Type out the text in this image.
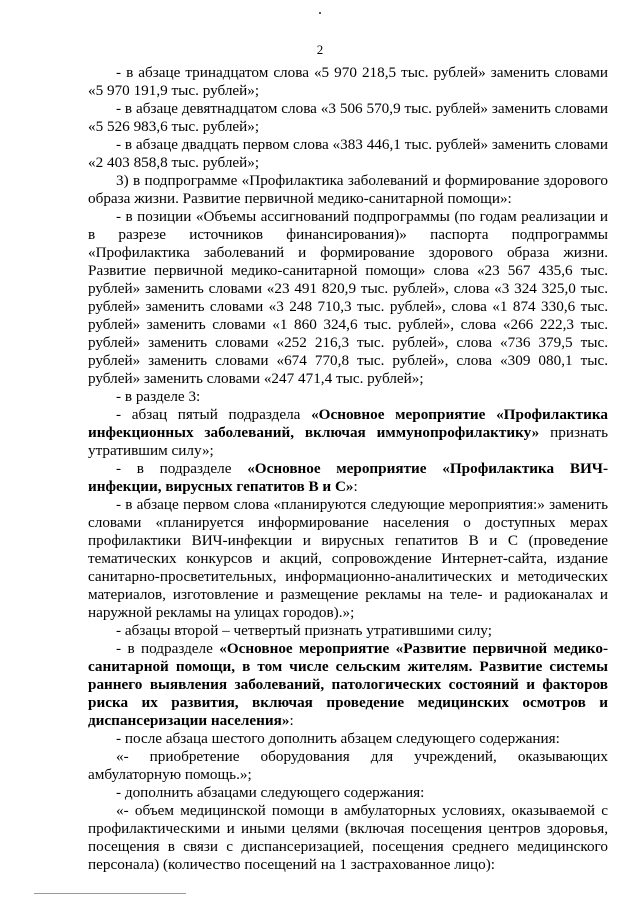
2

- в абзаце тринадцатом слова «5 970 218,5 тыс. рублей» заменить словами «5 970 191,9 тыс. рублей»;

- в абзаце девятнадцатом слова «3 506 570,9 тыс. рублей» заменить словами «5 526 983,6 тыс. рублей»;

- в абзаце двадцать первом слова «383 446,1 тыс. рублей» заменить словами «2 403 858,8 тыс. рублей»;

3) в подпрограмме «Профилактика заболеваний и формирование здорового образа жизни. Развитие первичной медико-санитарной помощи»:

- в позиции «Объемы ассигнований подпрограммы (по годам реализации и в разрезе источников финансирования)» паспорта подпрограммы «Профилактика заболеваний и формирование здорового образа жизни. Развитие первичной медико-санитарной помощи» слова «23 567 435,6 тыс. рублей» заменить словами «23 491 820,9 тыс. рублей», слова «3 324 325,0 тыс. рублей» заменить словами «3 248 710,3 тыс. рублей», слова «1 874 330,6 тыс. рублей» заменить словами «1 860 324,6 тыс. рублей», слова «266 222,3 тыс. рублей» заменить словами «252 216,3 тыс. рублей», слова «736 379,5 тыс. рублей» заменить словами «674 770,8 тыс. рублей», слова «309 080,1 тыс. рублей» заменить словами «247 471,4 тыс. рублей»;

- в разделе 3:

- абзац пятый подраздела «Основное мероприятие «Профилактика инфекционных заболеваний, включая иммунопрофилактику» признать утратившим силу»;

- в подразделе «Основное мероприятие «Профилактика ВИЧ-инфекции, вирусных гепатитов В и С»:

- в абзаце первом слова «планируются следующие мероприятия:» заменить словами «планируется информирование населения о доступных мерах профилактики ВИЧ-инфекции и вирусных гепатитов В и С (проведение тематических конкурсов и акций, сопровождение Интернет-сайта, издание санитарно-просветительных, информационно-аналитических и методических материалов, изготовление и размещение рекламы на теле- и радиоканалах и наружной рекламы на улицах городов).»;

- абзацы второй – четвертый признать утратившими силу;

- в подразделе «Основное мероприятие «Развитие первичной медико-санитарной помощи, в том числе сельским жителям. Развитие системы раннего выявления заболеваний, патологических состояний и факторов риска их развития, включая проведение медицинских осмотров и диспансеризации населения»:

- после абзаца шестого дополнить абзацем следующего содержания:

«- приобретение оборудования для учреждений, оказывающих амбулаторную помощь.»;

- дополнить абзацами следующего содержания:

«- объем медицинской помощи в амбулаторных условиях, оказываемой с профилактическими и иными целями (включая посещения центров здоровья, посещения в связи с диспансеризацией, посещения среднего медицинского персонала) (количество посещений на 1 застрахованное лицо):
